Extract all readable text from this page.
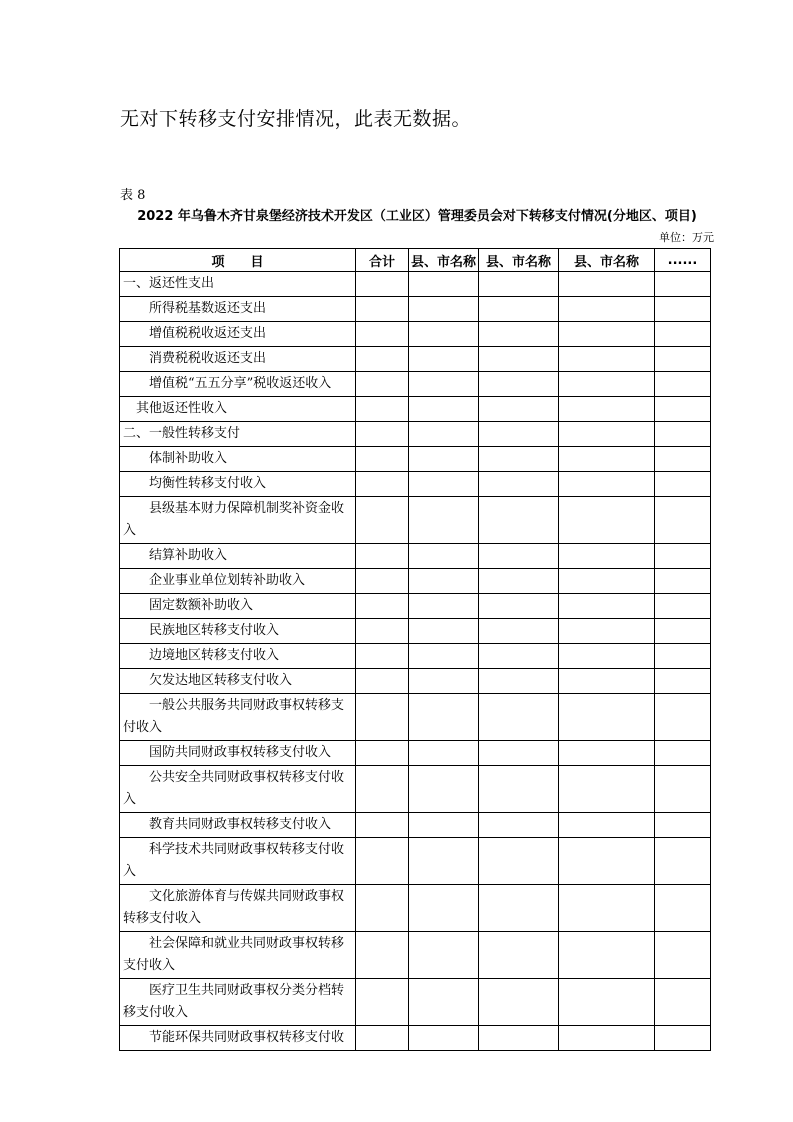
无对下转移支付安排情况，此表无数据。
表 8
2022 年乌鲁木齐甘泉堡经济技术开发区（工业区）管理委员会对下转移支付情况(分地区、项目)
单位：万元
项　　目	合计	县、市名称	县、市名称	县、市名称	......
一、返还性支出					
所得税基数返还支出					
增值税税收返还支出					
消费税税收返还支出					
增值税“五五分享”税收返还收入					
其他返还性收入					
二、一般性转移支付					
体制补助收入					
均衡性转移支付收入					
县级基本财力保障机制奖补资金收入					
结算补助收入					
企业事业单位划转补助收入					
固定数额补助收入					
民族地区转移支付收入					
边境地区转移支付收入					
欠发达地区转移支付收入					
一般公共服务共同财政事权转移支付收入					
国防共同财政事权转移支付收入					
公共安全共同财政事权转移支付收入					
教育共同财政事权转移支付收入					
科学技术共同财政事权转移支付收入					
文化旅游体育与传媒共同财政事权转移支付收入					
社会保障和就业共同财政事权转移支付收入					
医疗卫生共同财政事权分类分档转移支付收入					
节能环保共同财政事权转移支付收					
